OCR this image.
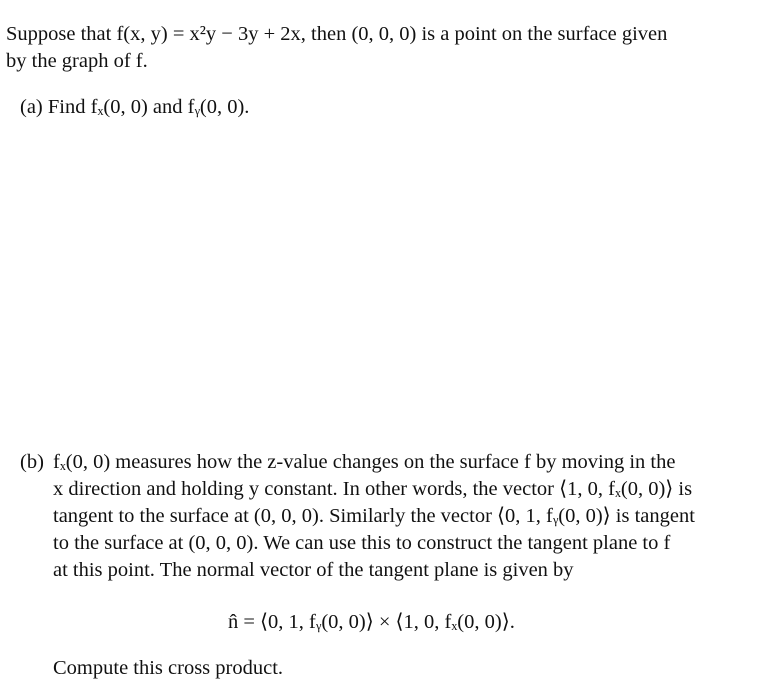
Suppose that f(x, y) = x²y − 3y + 2x, then (0, 0, 0) is a point on the surface given
by the graph of f.
(a) Find fₓ(0, 0) and fᵧ(0, 0).
(b) fₓ(0, 0) measures how the z-value changes on the surface f by moving in the
x direction and holding y constant. In other words, the vector ⟨1, 0, fₓ(0, 0)⟩ is
tangent to the surface at (0, 0, 0). Similarly the vector ⟨0, 1, fᵧ(0, 0)⟩ is tangent
to the surface at (0, 0, 0). We can use this to construct the tangent plane to f
at this point. The normal vector of the tangent plane is given by
n̂ = ⟨0, 1, fᵧ(0, 0)⟩ × ⟨1, 0, fₓ(0, 0)⟩.
Compute this cross product.
